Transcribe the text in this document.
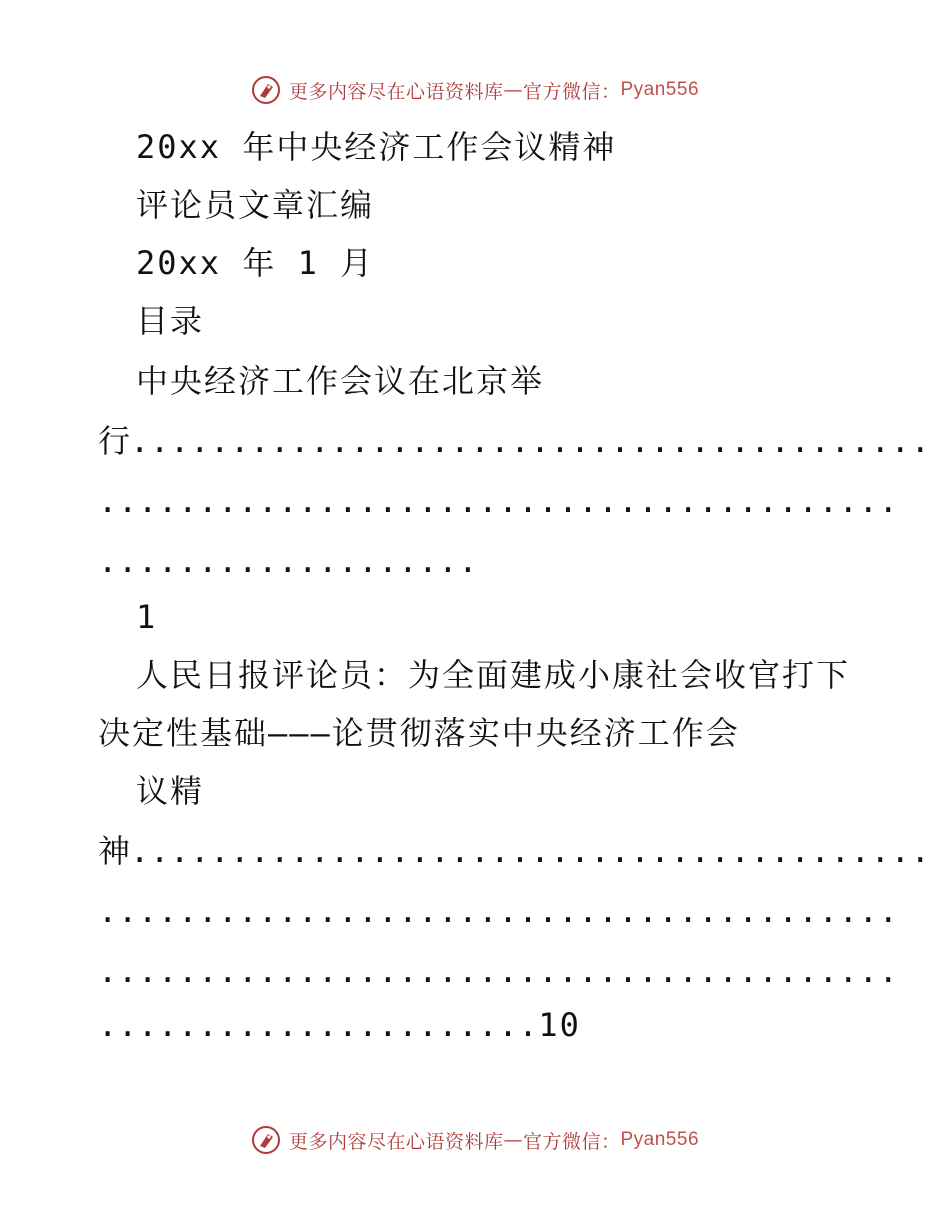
更多内容尽在心语资料库 — 官方微信： Pyan556
20xx 年中央经济工作会议精神
评论员文章汇编
20xx 年 1 月
目录
中央经济工作会议在北京举
行........................................
........................................
...................
1
人民日报评论员：为全面建成小康社会收官打下
决定性基础———论贯彻落实中央经济工作会
议精
神........................................
........................................
........................................
......................10
更多内容尽在心语资料库 — 官方微信： Pyan556
